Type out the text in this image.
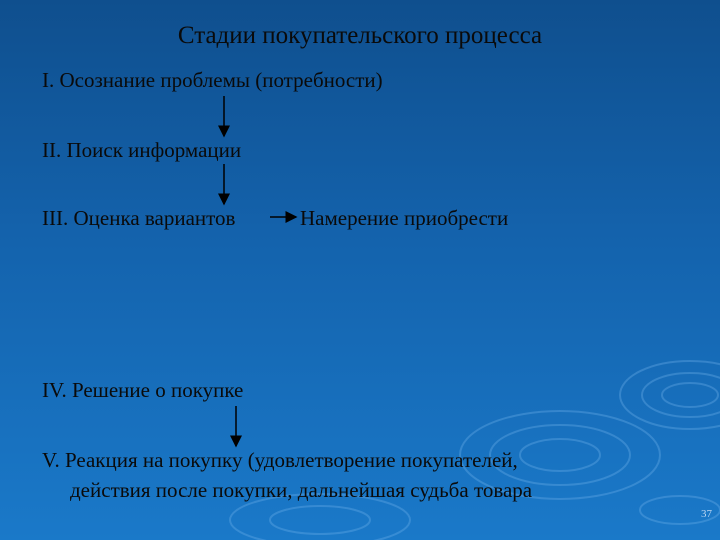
Стадии покупательского процесса
I. Осознание проблемы (потребности)
II. Поиск информации
III. Оценка вариантов	Намерение приобрести
IV. Решение о покупке
V. Реакция на покупку (удовлетворение покупателей,
действия после покупки, дальнейшая судьба товара
37
